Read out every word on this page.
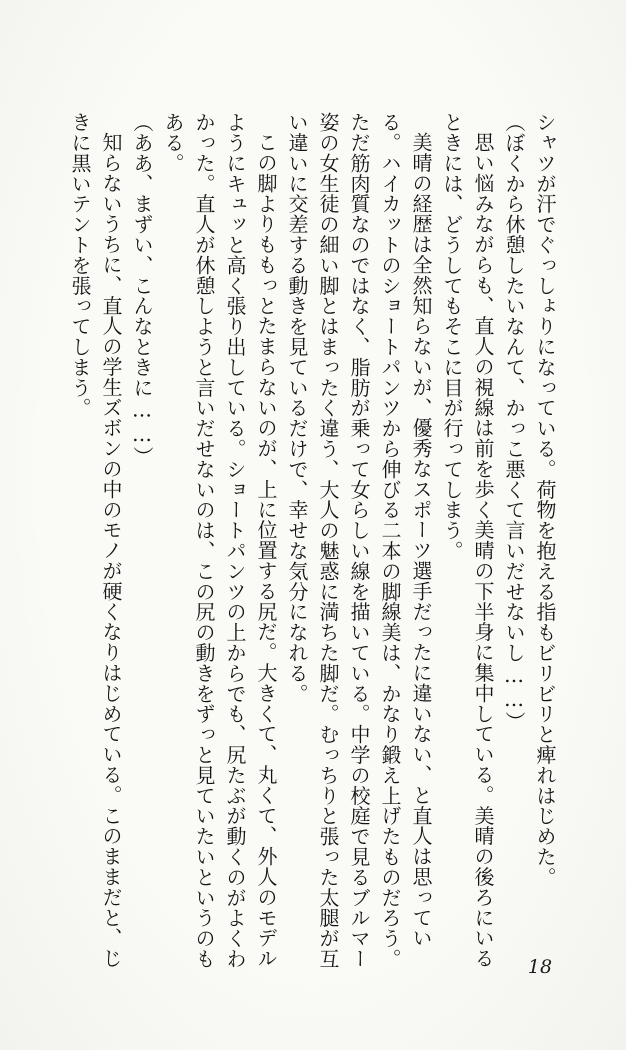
シャツが汗でぐっしょりになっている。荷物を抱える指もビリビリと痺れはじめた。

（ぼくから休憩したいなんて、かっこ悪くて言いだせないし……）

思い悩みながらも、直人の視線は前を歩く美晴の下半身に集中している。美晴の後ろにいるときには、どうしてもそこに目が行ってしまう。

美晴の経歴は全然知らないが、優秀なスポーツ選手だったに違いない、と直人は思っている。ハイカットのショートパンツから伸びる二本の脚線美は、かなり鍛え上げたものだろう。ただ筋肉質なのではなく、脂肪が乗って女らしい線を描いている。中学の校庭で見るブルマー姿の女生徒の細い脚とはまったく違う、大人の魅惑に満ちた脚だ。むっちりと張った太腿が互い違いに交差する動きを見ているだけで、幸せな気分になれる。

この脚よりももっとたまらないのが、上に位置する尻だ。大きくて、丸くて、外人のモデルようにキュッと高く張り出している。ショートパンツの上からでも、尻たぶが動くのがよくわかった。直人が休憩しようと言いだせないのは、この尻の動きをずっと見ていたいというのもある。

（ああ、まずい、こんなときに……）

知らないうちに、直人の学生ズボンの中のモノが硬くなりはじめている。このままだと、じきに黒いテントを張ってしまう。

18
